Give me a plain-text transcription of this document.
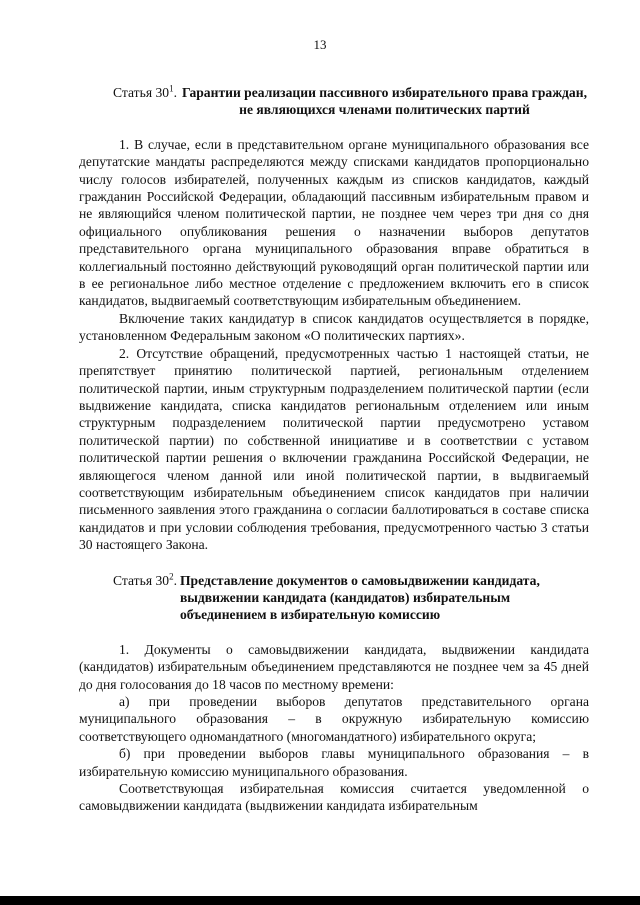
13
Статья $30^1$. Гарантии реализации пассивного избирательного права граждан, не являющихся членами политических партий

1. В случае, если в представительном органе муниципального образования все депутатские мандаты распределяются между списками кандидатов пропорционально числу голосов избирателей, полученных каждым из списков кандидатов, каждый гражданин Российской Федерации, обладающий пассивным избирательным правом и не являющийся членом политической партии, не позднее чем через три дня со дня официального опубликования решения о назначении выборов депутатов представительного органа муниципального образования вправе обратиться в коллегиальный постоянно действующий руководящий орган политической партии или в ее региональное либо местное отделение с предложением включить его в список кандидатов, выдвигаемый соответствующим избирательным объединением.

Включение таких кандидатур в список кандидатов осуществляется в порядке, установленном Федеральным законом «О политических партиях».

2. Отсутствие обращений, предусмотренных частью 1 настоящей статьи, не препятствует принятию политической партией, региональным отделением политической партии, иным структурным подразделением политической партии (если выдвижение кандидата, списка кандидатов региональным отделением или иным структурным подразделением политической партии предусмотрено уставом политической партии) по собственной инициативе и в соответствии с уставом политической партии решения о включении гражданина Российской Федерации, не являющегося членом данной или иной политической партии, в выдвигаемый соответствующим избирательным объединением список кандидатов при наличии письменного заявления этого гражданина о согласии баллотироваться в составе списка кандидатов и при условии соблюдения требования, предусмотренного частью 3 статьи 30 настоящего Закона.

Статья $30^2$. Представление документов о самовыдвижении кандидата, выдвижении кандидата (кандидатов) избирательным объединением в избирательную комиссию

1. Документы о самовыдвижении кандидата, выдвижении кандидата (кандидатов) избирательным объединением представляются не позднее чем за 45 дней до дня голосования до 18 часов по местному времени:

а) при проведении выборов депутатов представительного органа муниципального образования – в окружную избирательную комиссию соответствующего одномандатного (многомандатного) избирательного округа;

б) при проведении выборов главы муниципального образования – в избирательную комиссию муниципального образования.

Соответствующая избирательная комиссия считается уведомленной о самовыдвижении кандидата (выдвижении кандидата избирательным
